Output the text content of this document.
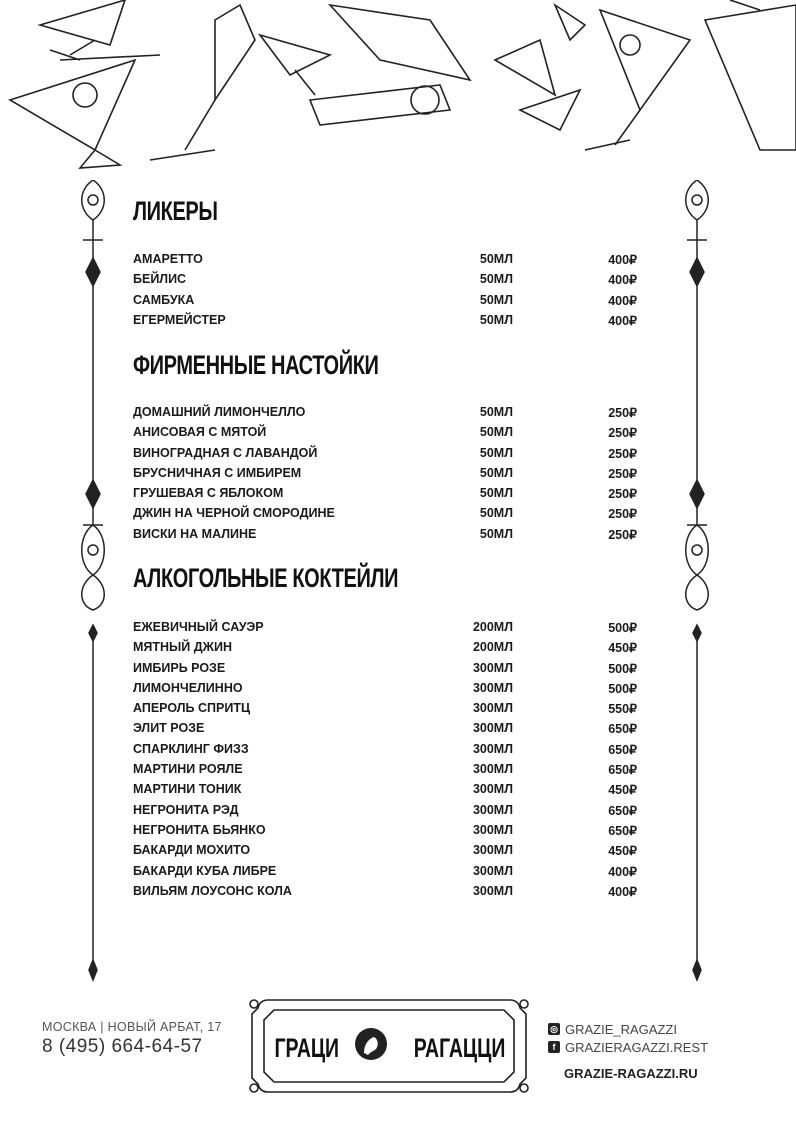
ЛИКЕРЫ
АМАРЕТТО	50МЛ	400₽
БЕЙЛИС	50МЛ	400₽
САМБУКА	50МЛ	400₽
ЕГЕРМЕЙСТЕР	50МЛ	400₽
ФИРМЕННЫЕ НАСТОЙКИ
ДОМАШНИЙ ЛИМОНЧЕЛЛО	50МЛ	250₽
АНИСОВАЯ С МЯТОЙ	50МЛ	250₽
ВИНОГРАДНАЯ С ЛАВАНДОЙ	50МЛ	250₽
БРУСНИЧНАЯ С ИМБИРЕМ	50МЛ	250₽
ГРУШЕВАЯ С ЯБЛОКОМ	50МЛ	250₽
ДЖИН НА ЧЕРНОЙ СМОРОДИНЕ	50МЛ	250₽
ВИСКИ НА МАЛИНЕ	50МЛ	250₽
АЛКОГОЛЬНЫЕ КОКТЕЙЛИ
ЕЖЕВИЧНЫЙ САУЭР	200МЛ	500₽
МЯТНЫЙ ДЖИН	200МЛ	450₽
ИМБИРЬ РОЗЕ	300МЛ	500₽
ЛИМОНЧЕЛИННО	300МЛ	500₽
АПЕРОЛЬ СПРИТЦ	300МЛ	550₽
ЭЛИТ РОЗЕ	300МЛ	650₽
СПАРКЛИНГ ФИЗЗ	300МЛ	650₽
МАРТИНИ РОЯЛЕ	300МЛ	650₽
МАРТИНИ ТОНИК	300МЛ	450₽
НЕГРОНИТА РЭД	300МЛ	650₽
НЕГРОНИТА БЬЯНКО	300МЛ	650₽
БАКАРДИ МОХИТО	300МЛ	450₽
БАКАРДИ КУБА ЛИБРЕ	300МЛ	400₽
ВИЛЬЯМ ЛОУСОНС КОЛА	300МЛ	400₽
МОСКВА | НОВЫЙ АРБАТ, 17
8 (495) 664-64-57	ГРАЦИ	РАГАЦЦИ
◎ GRAZIE_RAGAZZI
f GRAZIERAGAZZI.REST
GRAZIE-RAGAZZI.RU
